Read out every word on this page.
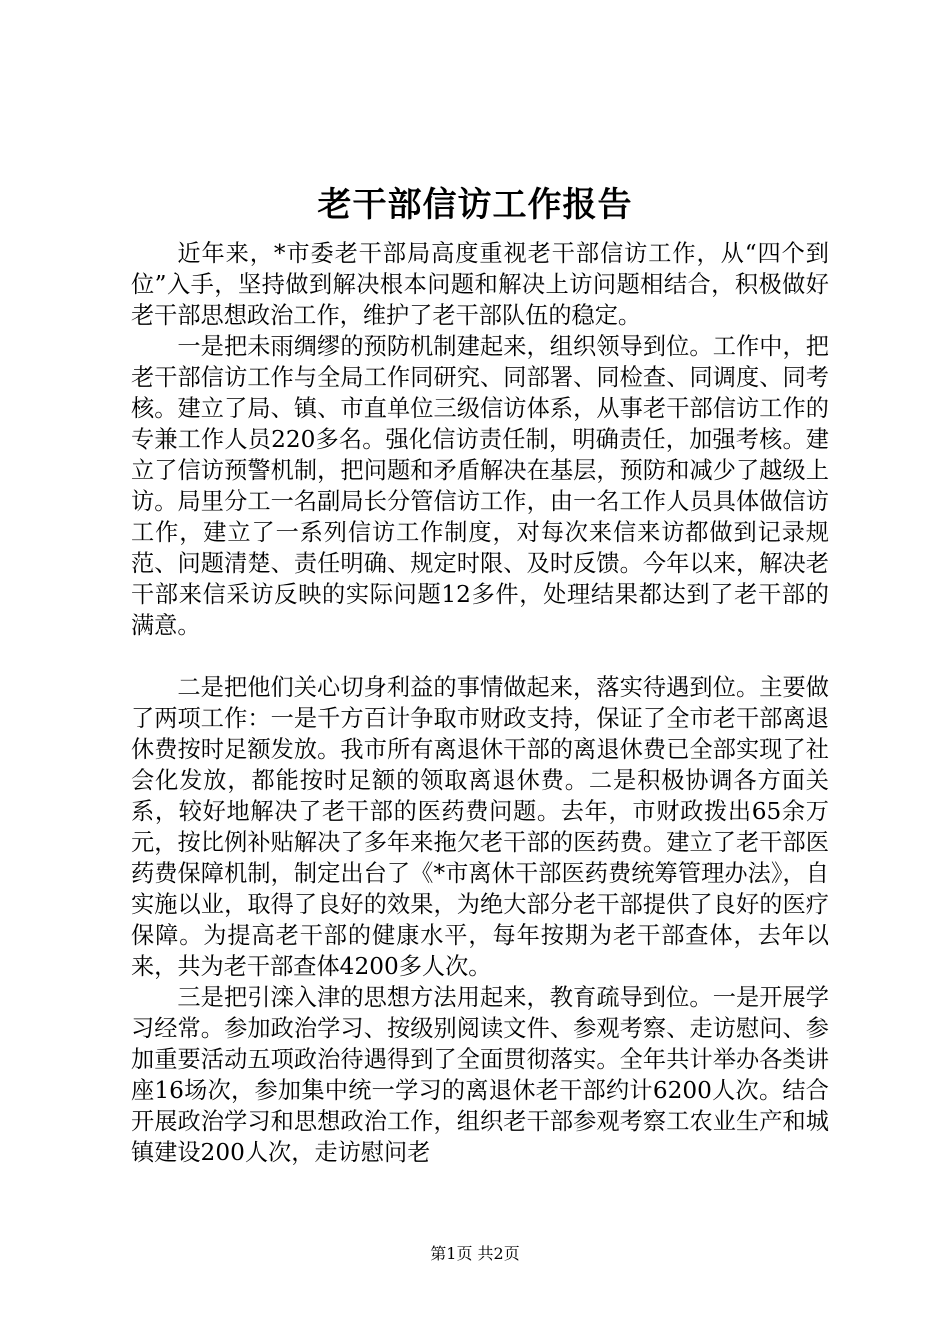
老干部信访工作报告

近年来，*市委老干部局高度重视老干部信访工作，从“四个到位”入手，坚持做到解决根本问题和解决上访问题相结合，积极做好老干部思想政治工作，维护了老干部队伍的稳定。

一是把未雨绸缪的预防机制建起来，组织领导到位。工作中，把老干部信访工作与全局工作同研究、同部署、同检查、同调度、同考核。建立了局、镇、市直单位三级信访体系，从事老干部信访工作的专兼工作人员220多名。强化信访责任制，明确责任，加强考核。建立了信访预警机制，把问题和矛盾解决在基层，预防和减少了越级上访。局里分工一名副局长分管信访工作，由一名工作人员具体做信访工作，建立了一系列信访工作制度，对每次来信来访都做到记录规范、问题清楚、责任明确、规定时限、及时反馈。今年以来，解决老干部来信采访反映的实际问题12多件，处理结果都达到了老干部的满意。

二是把他们关心切身利益的事情做起来，落实待遇到位。主要做了两项工作：一是千方百计争取市财政支持，保证了全市老干部离退休费按时足额发放。我市所有离退休干部的离退休费已全部实现了社会化发放，都能按时足额的领取离退休费。二是积极协调各方面关系，较好地解决了老干部的医药费问题。去年，市财政拨出65余万元，按比例补贴解决了多年来拖欠老干部的医药费。建立了老干部医药费保障机制，制定出台了《*市离休干部医药费统筹管理办法》，自实施以业，取得了良好的效果，为绝大部分老干部提供了良好的医疗保障。为提高老干部的健康水平，每年按期为老干部查体，去年以来，共为老干部查体4200多人次。

三是把引滦入津的思想方法用起来，教育疏导到位。一是开展学习经常。参加政治学习、按级别阅读文件、参观考察、走访慰问、参加重要活动五项政治待遇得到了全面贯彻落实。全年共计举办各类讲座16场次，参加集中统一学习的离退休老干部约计6200人次。结合开展政治学习和思想政治工作，组织老干部参观考察工农业生产和城镇建设200人次，走访慰问老

第1页 共2页
